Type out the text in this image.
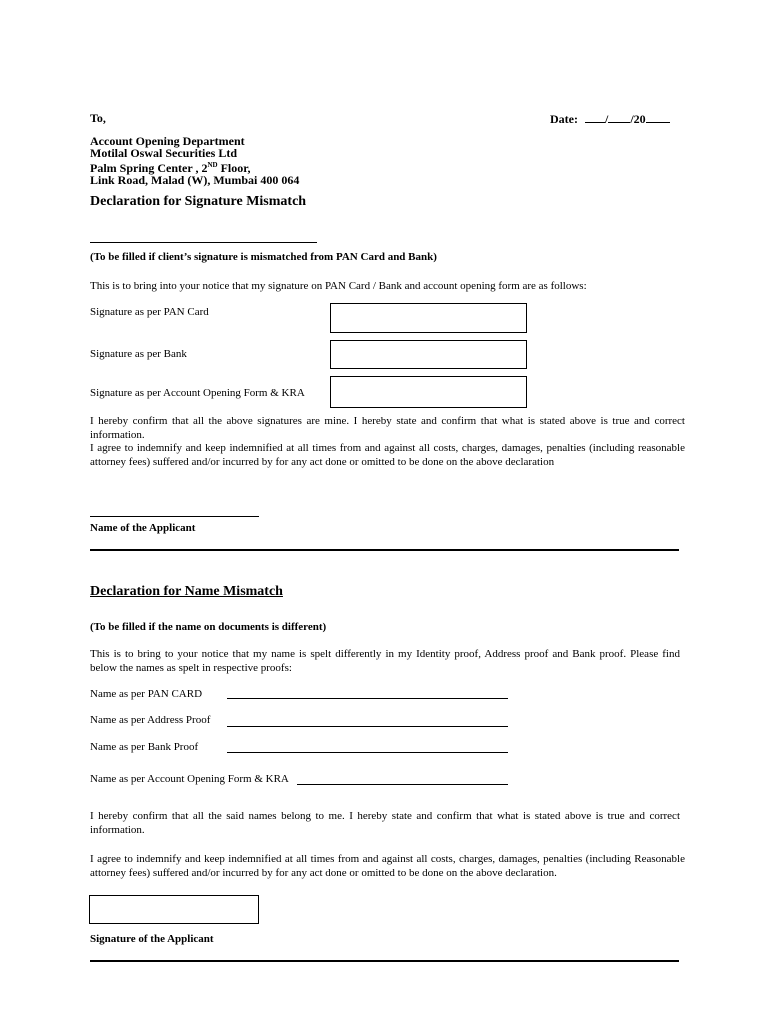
To,	Date: / /20
Account Opening Department
Motilal Oswal Securities Ltd
Palm Spring Center , 2ND Floor,
Link Road, Malad (W), Mumbai 400 064
Declaration for Signature Mismatch
(To be filled if client’s signature is mismatched from PAN Card and Bank)
This is to bring into your notice that my signature on PAN Card / Bank and account opening form are as follows:
Signature as per PAN Card
Signature as per Bank
Signature as per Account Opening Form & KRA
I hereby confirm that all the above signatures are mine. I hereby state and confirm that what is stated above is true and correct information.
I agree to indemnify and keep indemnified at all times from and against all costs, charges, damages, penalties (including reasonable attorney fees) suffered and/or incurred by for any act done or omitted to be done on the above declaration
Name of the Applicant
Declaration for Name Mismatch
(To be filled if the name on documents is different)
This is to bring to your notice that my name is spelt differently in my Identity proof, Address proof and Bank proof. Please find below the names as spelt in respective proofs:
Name as per PAN CARD
Name as per Address Proof
Name as per Bank Proof
Name as per Account Opening Form & KRA
I hereby confirm that all the said names belong to me. I hereby state and confirm that what is stated above is true and correct information.
I agree to indemnify and keep indemnified at all times from and against all costs, charges, damages, penalties (including Reasonable attorney fees) suffered and/or incurred by for any act done or omitted to be done on the above declaration.
Signature of the Applicant
